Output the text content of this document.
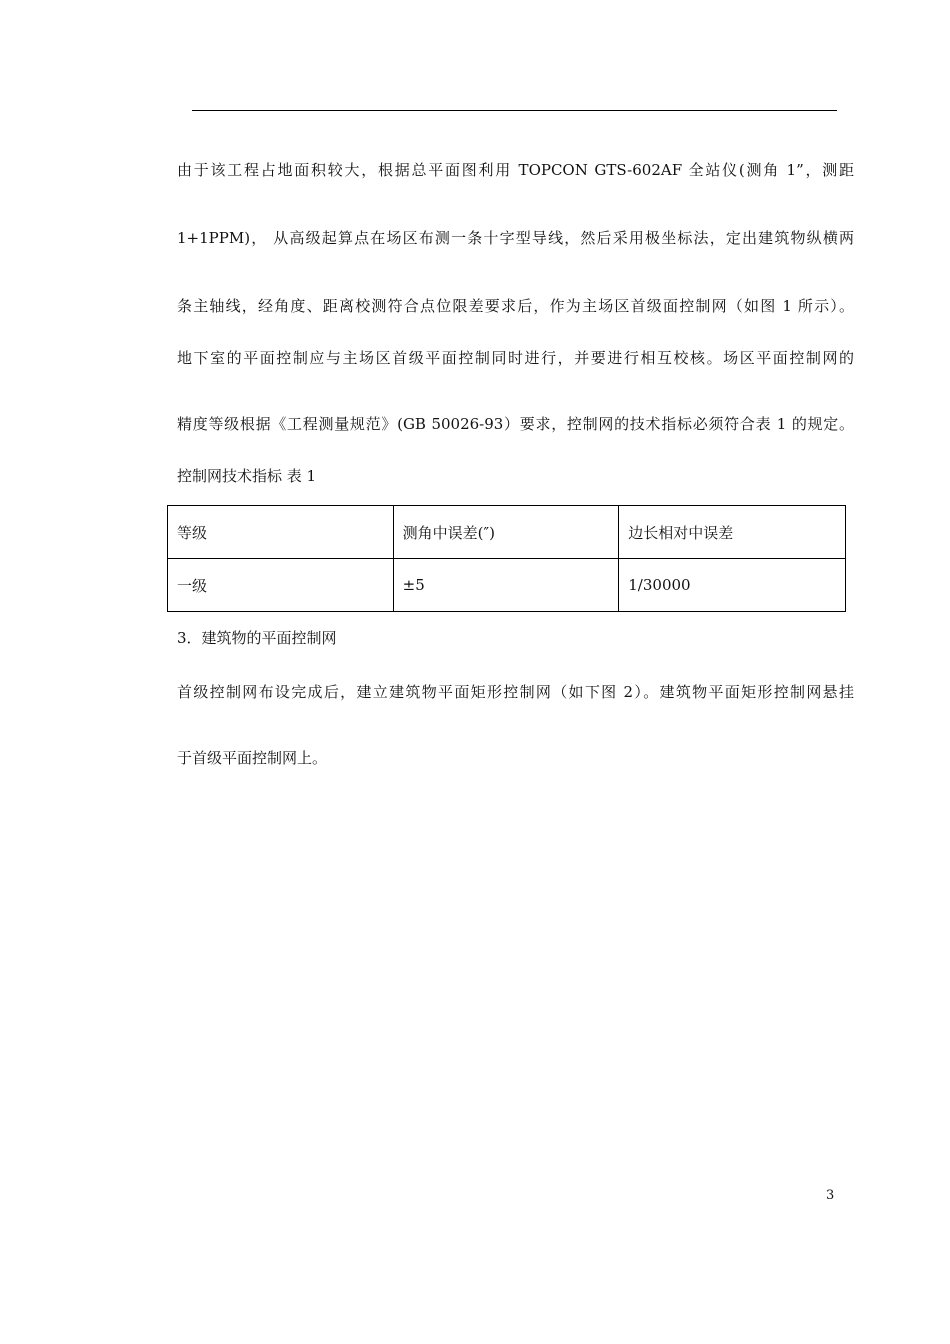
由于该工程占地面积较大，根据总平面图利用 TOPCON GTS-602AF 全站仪(测角 1”，测距
1+1PPM)， 从高级起算点在场区布测一条十字型导线，然后采用极坐标法，定出建筑物纵横两
条主轴线，经角度、距离校测符合点位限差要求后，作为主场区首级面控制网（如图 1 所示）。
地下室的平面控制应与主场区首级平面控制同时进行，并要进行相互校核。场区平面控制网的
精度等级根据《工程测量规范》(GB 50026-93）要求，控制网的技术指标必须符合表 1 的规定。
控制网技术指标 表 1
等级	测角中误差(″)	边长相对中误差
一级	±5	1/30000
3．建筑物的平面控制网
首级控制网布设完成后，建立建筑物平面矩形控制网（如下图 2）。建筑物平面矩形控制网悬挂
于首级平面控制网上。
3
